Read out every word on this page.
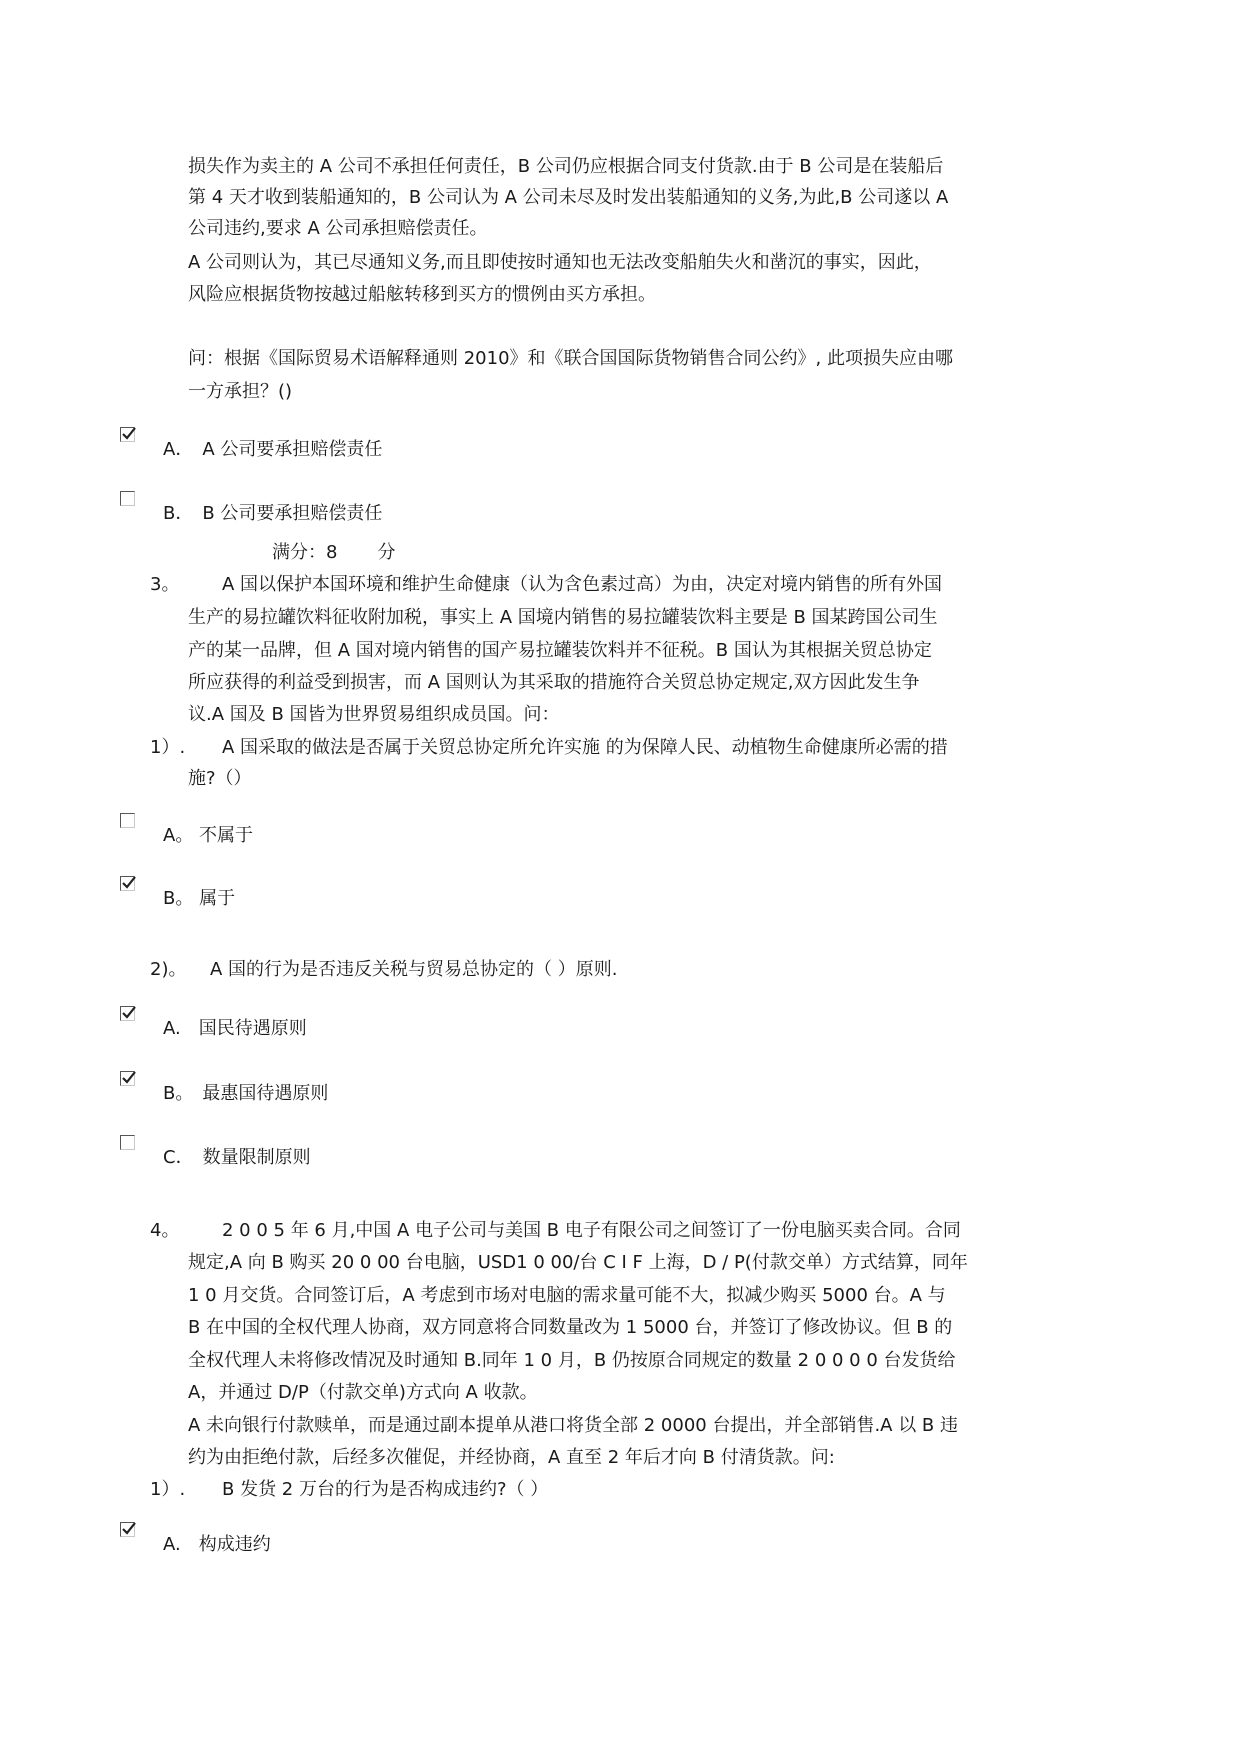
损失作为卖主的 A 公司不承担任何责任，B 公司仍应根据合同支付货款.由于 B 公司是在装船后
第 4 天才收到装船通知的，B 公司认为 A 公司未尽及时发出装船通知的义务,为此,B 公司遂以 A
公司违约,要求 A 公司承担赔偿责任。
A 公司则认为，其已尽通知义务,而且即使按时通知也无法改变船舶失火和凿沉的事实，因此，
风险应根据货物按越过船舷转移到买方的惯例由买方承担。
问：根据《国际贸易术语解释通则 2010》和《联合国国际货物销售合同公约》, 此项损失应由哪
一方承担？()
A．　A 公司要承担赔偿责任
B．　B 公司要承担赔偿责任
满分：8 分
3。 A 国以保护本国环境和维护生命健康（认为含色素过高）为由，决定对境内销售的所有外国
生产的易拉罐饮料征收附加税，事实上 A 国境内销售的易拉罐装饮料主要是 B 国某跨国公司生
产的某一品牌，但 A 国对境内销售的国产易拉罐装饮料并不征税。B 国认为其根据关贸总协定
所应获得的利益受到损害，而 A 国则认为其采取的措施符合关贸总协定规定,双方因此发生争
议.A 国及 B 国皆为世界贸易组织成员国。问：
1）. A 国采取的做法是否属于关贸总协定所允许实施 的为保障人民、动植物生命健康所必需的措
施?（）
A。 不属于
B。 属于
2)。 A 国的行为是否违反关税与贸易总协定的（ ）原则.
A.　国民待遇原则
B。　最惠国待遇原则
C．　数量限制原则
4。 2 0 0 5 年 6 月,中国 A 电子公司与美国 B 电子有限公司之间签订了一份电脑买卖合同。合同
规定,A 向 B 购买 20 0 00 台电脑，USD1 0 00/台 C I F 上海，D / P(付款交单）方式结算，同年
1 0 月交货。合同签订后，A 考虑到市场对电脑的需求量可能不大，拟减少购买 5000 台。A 与
B 在中国的全权代理人协商，双方同意将合同数量改为 1 5000 台，并签订了修改协议。但 B 的
全权代理人未将修改情况及时通知 B.同年 1 0 月，B 仍按原合同规定的数量 2 0 0 0 0 台发货给
A，并通过 D/P（付款交单)方式向 A 收款。
A 未向银行付款赎单，而是通过副本提单从港口将货全部 2 0000 台提出，并全部销售.A 以 B 违
约为由拒绝付款，后经多次催促，并经协商，A 直至 2 年后才向 B 付清货款。问:
1）. B 发货 2 万台的行为是否构成违约?（ ）
A.　构成违约
